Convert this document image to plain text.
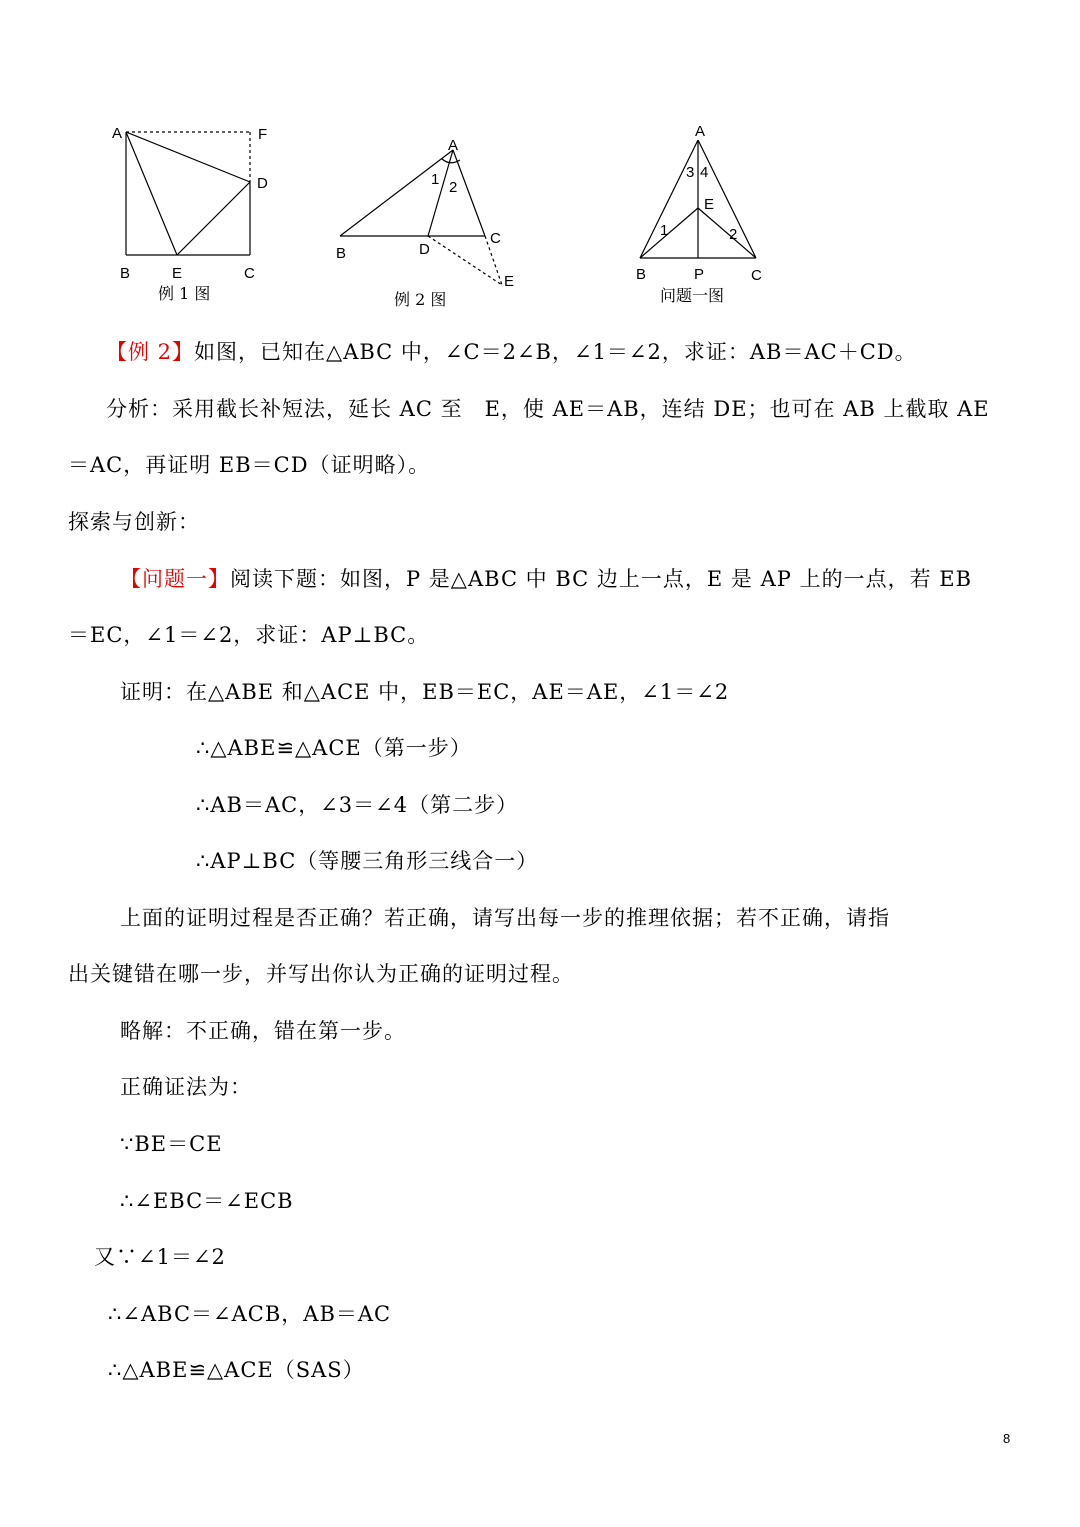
A	F
D
B	E	C
例 1 图
A
1 2
B	D
C
E
例 2 图
A
3 4
E
1	2
B	P	C
问题一图
【例 2】如图，已知在△ABC 中，∠C＝2∠B，∠1＝∠2，求证：AB＝AC＋CD。
分析：采用截长补短法，延长 AC 至　E，使 AE＝AB，连结 DE；也可在 AB 上截取 AE
＝AC，再证明 EB＝CD（证明略）。
探索与创新：
【问题一】阅读下题：如图，P 是△ABC 中 BC 边上一点，E 是 AP 上的一点，若 EB
＝EC，∠1＝∠2，求证：AP⊥BC。
证明：在△ABE 和△ACE 中，EB＝EC，AE＝AE，∠1＝∠2
∴△ABE≌△ACE（第一步）
∴AB＝AC，∠3＝∠4（第二步）
∴AP⊥BC（等腰三角形三线合一）
上面的证明过程是否正确？若正确，请写出每一步的推理依据；若不正确，请指
出关键错在哪一步，并写出你认为正确的证明过程。
略解：不正确，错在第一步。
正确证法为：
∵BE＝CE
∴∠EBC＝∠ECB
又∵∠1＝∠2
∴∠ABC＝∠ACB，AB＝AC
∴△ABE≌△ACE（SAS）
8
